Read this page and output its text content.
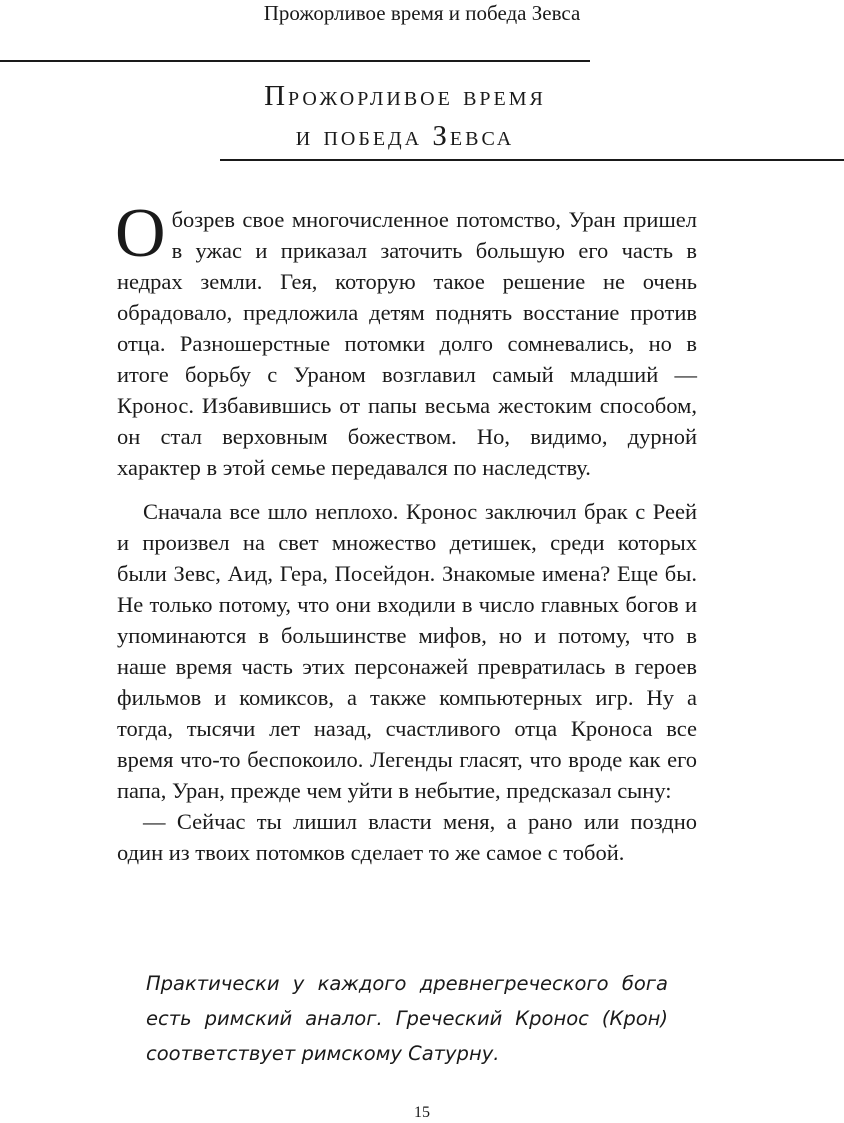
Прожорливое время и победа Зевса
Прожорливое время
и победа Зевса

Обозрев свое многочисленное потомство, Уран пришел в ужас и приказал заточить большую его часть в недрах земли. Гея, которую такое решение не очень обрадовало, предложила детям поднять восстание против отца. Разношерстные потомки долго сомневались, но в итоге борьбу с Ураном возглавил самый младший — Кронос. Избавившись от папы весьма жестоким способом, он стал верховным божеством. Но, видимо, дурной характер в этой семье передавался по наследству.

Сначала все шло неплохо. Кронос заключил брак с Реей и произвел на свет множество детишек, среди которых были Зевс, Аид, Гера, Посейдон. Знакомые имена? Еще бы. Не только потому, что они входили в число главных богов и упоминаются в большинстве мифов, но и потому, что в наше время часть этих персонажей превратилась в героев фильмов и комиксов, а также компьютерных игр. Ну а тогда, тысячи лет назад, счастливого отца Кроноса все время что-то беспокоило. Легенды гласят, что вроде как его папа, Уран, прежде чем уйти в небытие, предсказал сыну:

— Сейчас ты лишил власти меня, а рано или поздно один из твоих потомков сделает то же самое с тобой.

Практически у каждого древнегреческого бога есть римский аналог. Греческий Кронос (Крон) соответствует римскому Сатурну.
15
